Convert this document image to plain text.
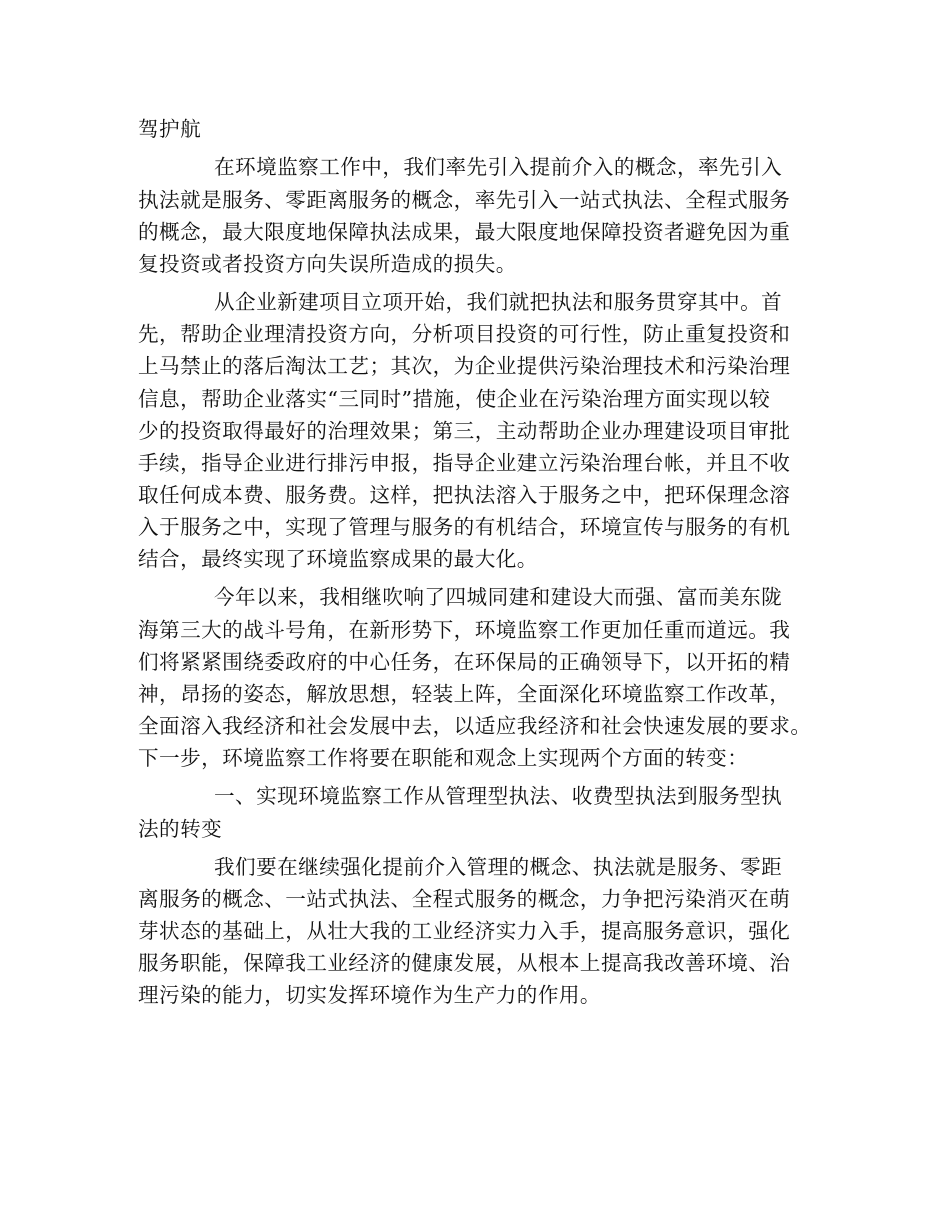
驾护航
在环境监察工作中，我们率先引入提前介入的概念，率先引入
执法就是服务、零距离服务的概念，率先引入一站式执法、全程式服务
的概念，最大限度地保障执法成果，最大限度地保障投资者避免因为重
复投资或者投资方向失误所造成的损失。
从企业新建项目立项开始，我们就把执法和服务贯穿其中。首
先，帮助企业理清投资方向，分析项目投资的可行性，防止重复投资和
上马禁止的落后淘汰工艺；其次，为企业提供污染治理技术和污染治理
信息，帮助企业落实“三同时”措施，使企业在污染治理方面实现以较
少的投资取得最好的治理效果；第三，主动帮助企业办理建设项目审批
手续，指导企业进行排污申报，指导企业建立污染治理台帐，并且不收
取任何成本费、服务费。这样，把执法溶入于服务之中，把环保理念溶
入于服务之中，实现了管理与服务的有机结合，环境宣传与服务的有机
结合，最终实现了环境监察成果的最大化。
今年以来，我相继吹响了四城同建和建设大而强、富而美东陇
海第三大的战斗号角，在新形势下，环境监察工作更加任重而道远。我
们将紧紧围绕委政府的中心任务，在环保局的正确领导下，以开拓的精
神，昂扬的姿态，解放思想，轻装上阵，全面深化环境监察工作改革，
全面溶入我经济和社会发展中去，以适应我经济和社会快速发展的要求。
下一步，环境监察工作将要在职能和观念上实现两个方面的转变：
一、实现环境监察工作从管理型执法、收费型执法到服务型执
法的转变
我们要在继续强化提前介入管理的概念、执法就是服务、零距
离服务的概念、一站式执法、全程式服务的概念，力争把污染消灭在萌
芽状态的基础上，从壮大我的工业经济实力入手，提高服务意识，强化
服务职能，保障我工业经济的健康发展，从根本上提高我改善环境、治
理污染的能力，切实发挥环境作为生产力的作用。
